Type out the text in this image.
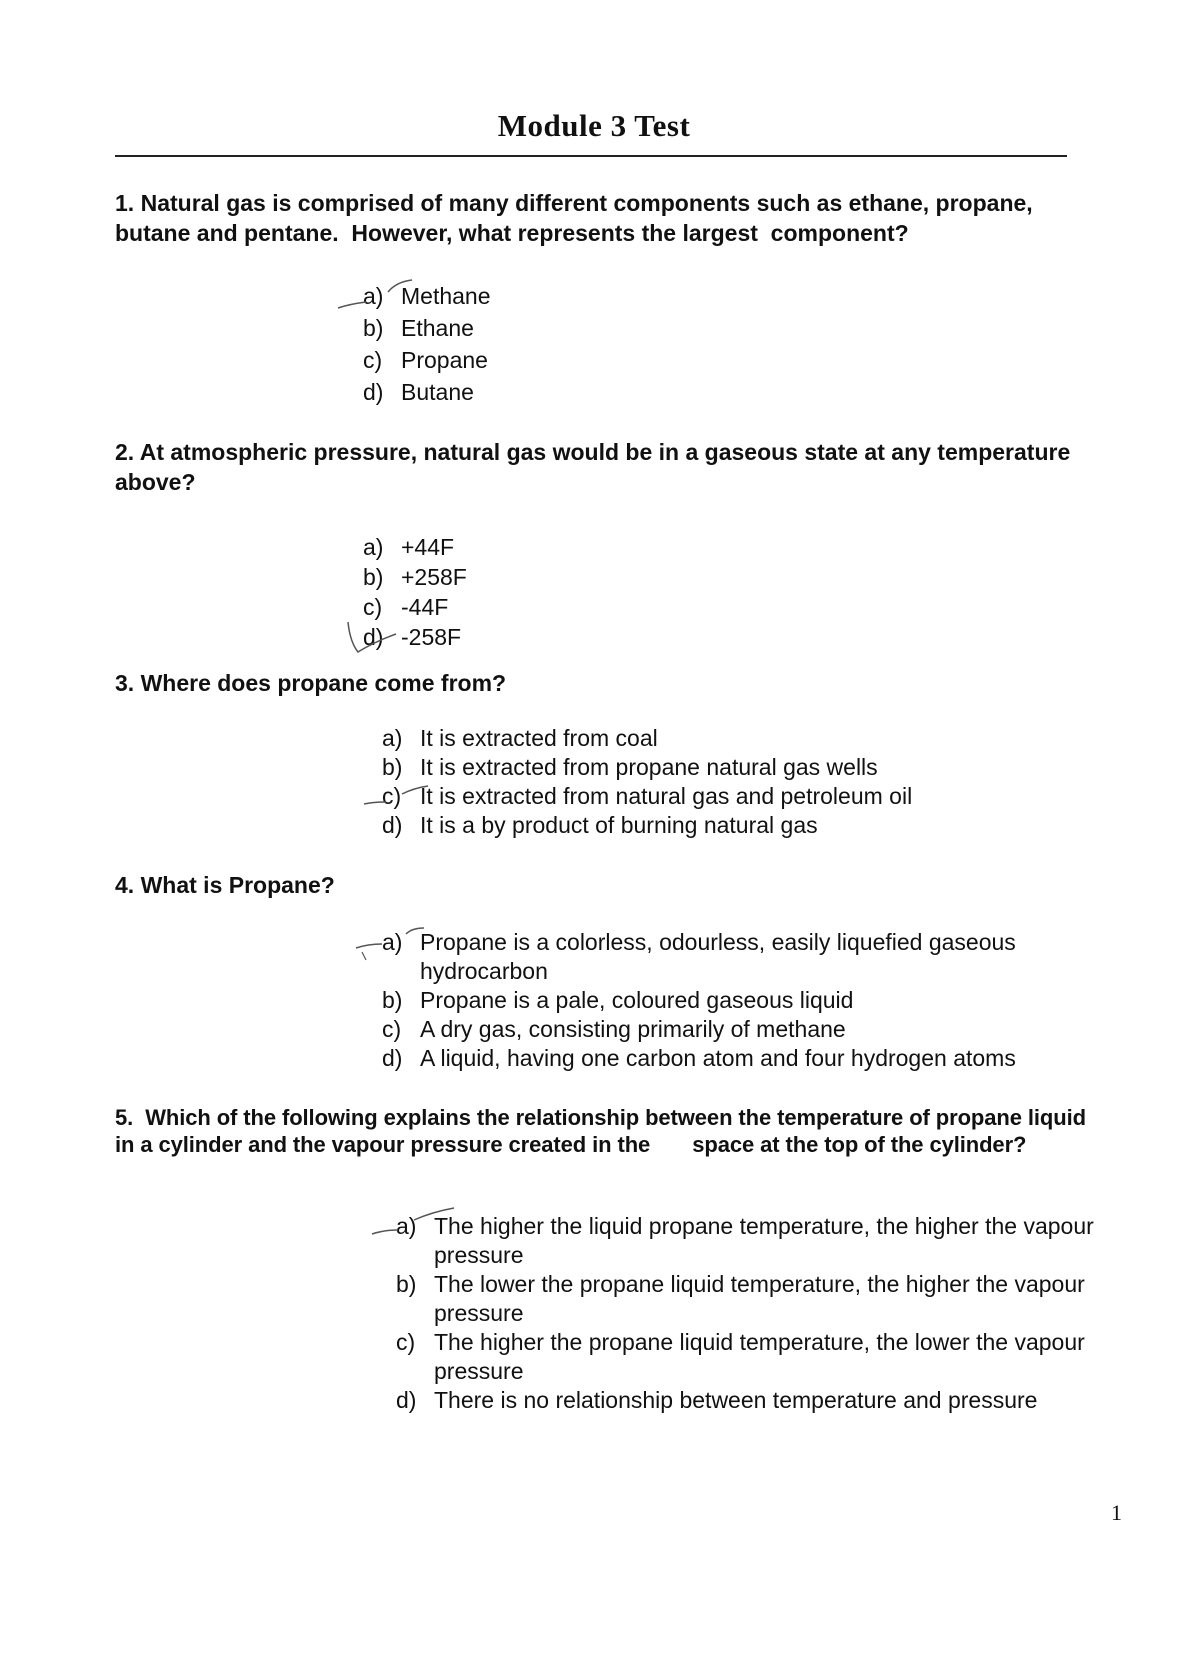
Module 3 Test
1. Natural gas is comprised of many different components such as ethane, propane, butane and pentane.  However, what represents the largest  component?
a) Methane
b) Ethane
c) Propane
d) Butane
2. At atmospheric pressure, natural gas would be in a gaseous state at any temperature above?
a) +44F
b) +258F
c) -44F
d) -258F
3. Where does propane come from?
a) It is extracted from coal
b) It is extracted from propane natural gas wells
c) It is extracted from natural gas and petroleum oil
d) It is a by product of burning natural gas
4. What is Propane?
a) Propane is a colorless, odourless, easily liquefied gaseous hydrocarbon
b) Propane is a pale, coloured gaseous liquid
c) A dry gas, consisting primarily of methane
d) A liquid, having one carbon atom and four hydrogen atoms
5. Which of the following explains the relationship between the temperature of propane liquid in a cylinder and the vapour pressure created in the       space at the top of the cylinder?
a) The higher the liquid propane temperature, the higher the vapour pressure
b) The lower the propane liquid temperature, the higher the vapour pressure
c) The higher the propane liquid temperature, the lower the vapour pressure
d) There is no relationship between temperature and pressure
1
